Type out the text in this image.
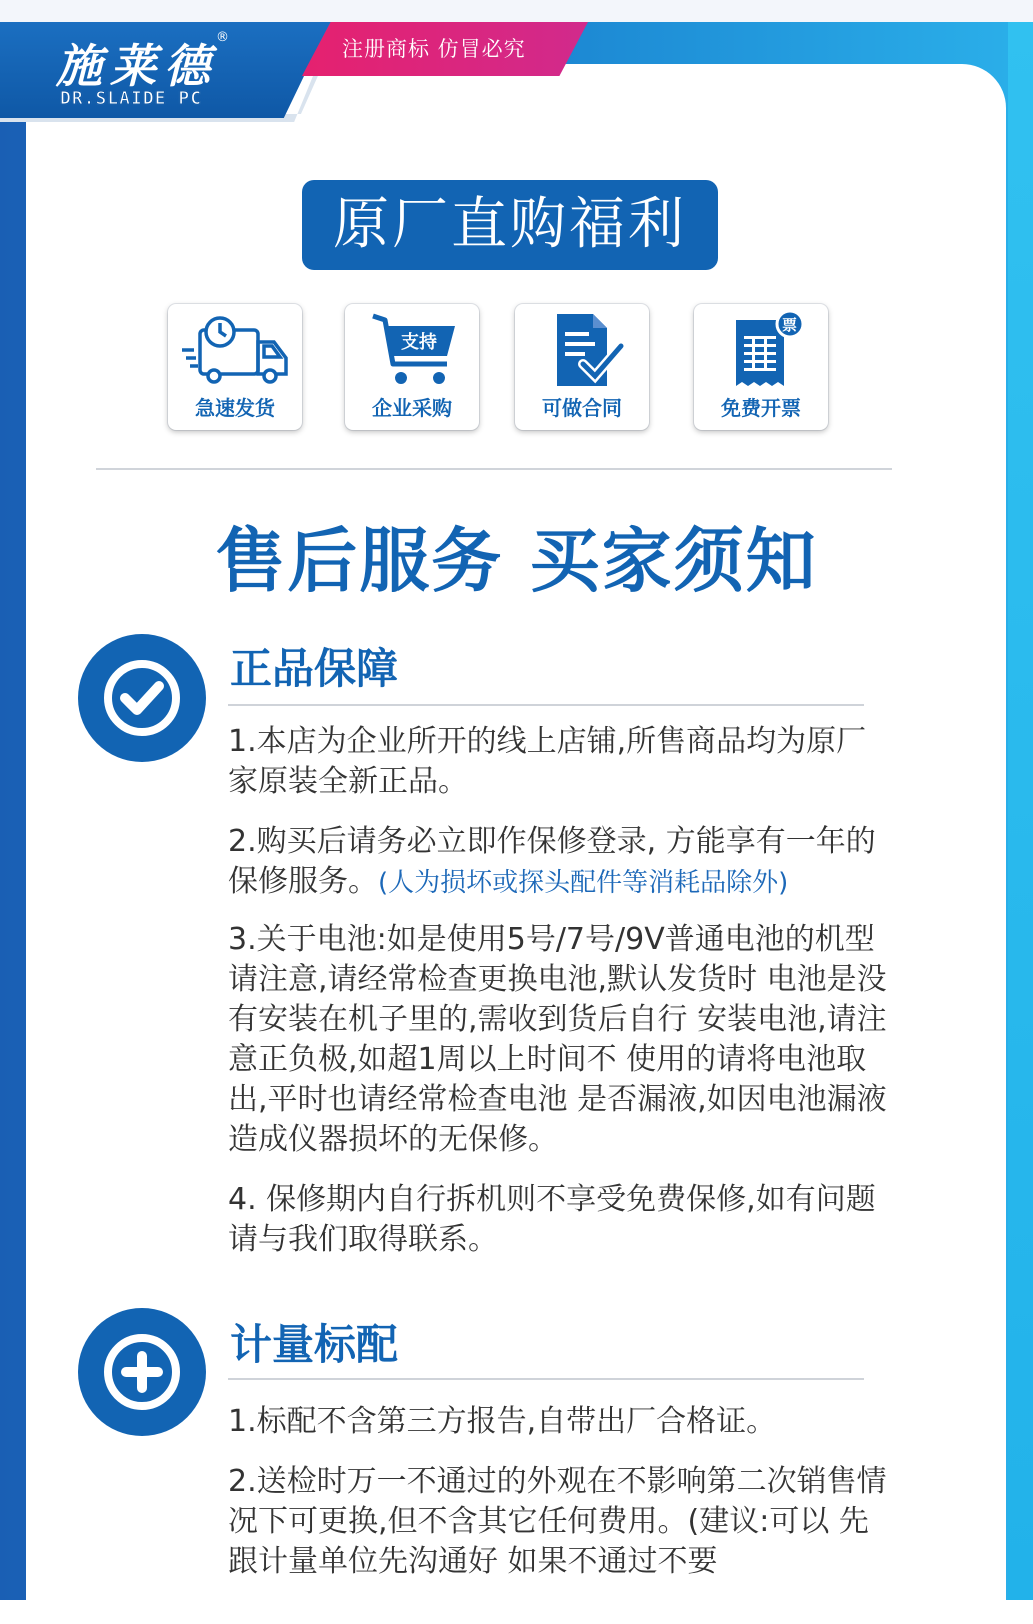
施莱德
®
DR.SLAIDE PC
注册商标 仿冒必究
原厂直购福利
急速发货
支持
企业采购	可做合同
票
免费开票
售后服务 买家须知
正品保障
1.本店为企业所开的线上店铺,所售商品均为原厂家原装全新正品。
2.购买后请务必立即作保修登录, 方能享有一年的保修服务。(人为损坏或探头配件等消耗品除外)
3.关于电池:如是使用5号/7号/9V普通电池的机型请注意,请经常检查更换电池,默认发货时 电池是没有安装在机子里的,需收到货后自行 安装电池,请注意正负极,如超1周以上时间不 使用的请将电池取出,平时也请经常检查电池 是否漏液,如因电池漏液造成仪器损坏的无保修。
4. 保修期内自行拆机则不享受免费保修,如有问题 请与我们取得联系。
计量标配
1.标配不含第三方报告,自带出厂合格证。
2.送检时万一不通过的外观在不影响第二次销售情况下可更换,但不含其它任何费用。(建议:可以 先跟计量单位先沟通好 如果不通过不要
